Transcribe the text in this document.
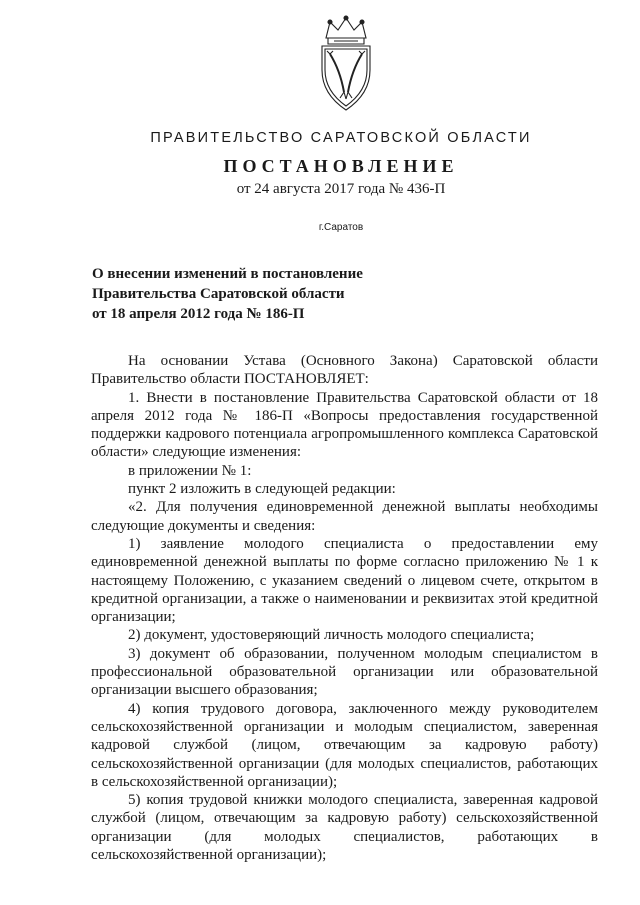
ПРАВИТЕЛЬСТВО САРАТОВСКОЙ ОБЛАСТИ
ПОСТАНОВЛЕНИЕ
от 24 августа 2017 года № 436-П
г.Саратов
О внесении изменений в постановление
Правительства Саратовской области
от 18 апреля 2012 года № 186-П

На основании Устава (Основного Закона) Саратовской области Правительство области ПОСТАНОВЛЯЕТ:

1. Внести в постановление Правительства Саратовской области от 18 апреля 2012 года № 186-П «Вопросы предоставления государственной поддержки кадрового потенциала агропромышленного комплекса Саратовской области» следующие изменения:

в приложении № 1:

пункт 2 изложить в следующей редакции:

«2. Для получения единовременной денежной выплаты необходимы следующие документы и сведения:

1) заявление молодого специалиста о предоставлении ему единовременной денежной выплаты по форме согласно приложению № 1 к настоящему Положению, с указанием сведений о лицевом счете, открытом в кредитной организации, а также о наименовании и реквизитах этой кредитной организации;

2) документ, удостоверяющий личность молодого специалиста;

3) документ об образовании, полученном молодым специалистом в профессиональной образовательной организации или образовательной организации высшего образования;

4) копия трудового договора, заключенного между руководителем сельскохозяйственной организации и молодым специалистом, заверенная кадровой службой (лицом, отвечающим за кадровую работу) сельскохозяйственной организации (для молодых специалистов, работающих в сельскохозяйственной организации);

5) копия трудовой книжки молодого специалиста, заверенная кадровой службой (лицом, отвечающим за кадровую работу) сельскохозяйственной организации (для молодых специалистов, работающих в сельскохозяйственной организации);
